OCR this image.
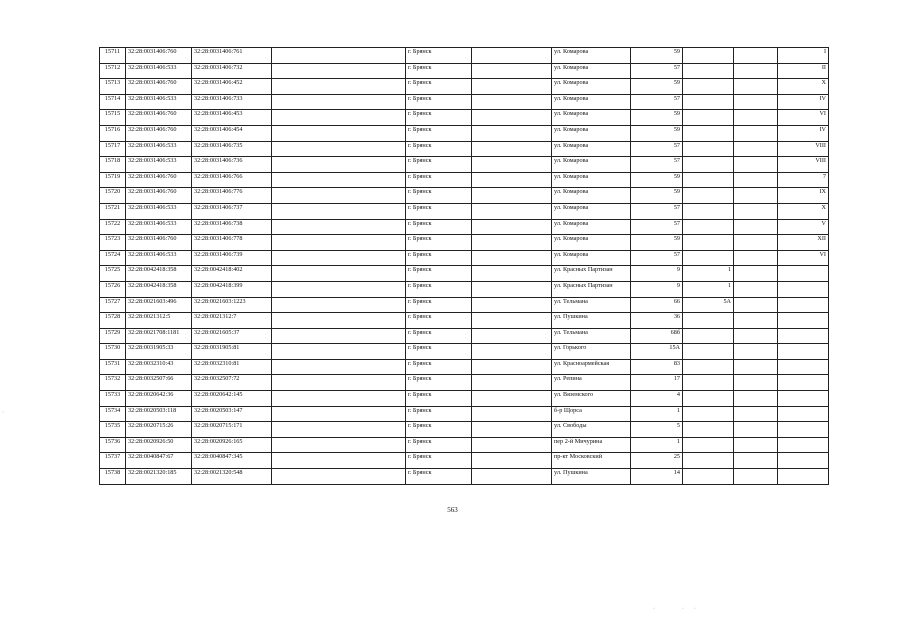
15711	32:28:0031406:760	32:28:0031406:761		г. Брянск		ул. Комарова	59			I
15712	32:28:0031406:533	32:28:0031406:732		г. Брянск		ул. Комарова	57			II
15713	32:28:0031406:760	32:28:0031406:452		г. Брянск		ул. Комарова	59			X
15714	32:28:0031406:533	32:28:0031406:733		г. Брянск		ул. Комарова	57			IV
15715	32:28:0031406:760	32:28:0031406:453		г. Брянск		ул. Комарова	59			VI
15716	32:28:0031406:760	32:28:0031406:454		г. Брянск		ул. Комарова	59			IV
15717	32:28:0031406:533	32:28:0031406:735		г. Брянск		ул. Комарова	57			VIII
15718	32:28:0031406:533	32:28:0031406:736		г. Брянск		ул. Комарова	57			VIII
15719	32:28:0031406:760	32:28:0031406:766		г. Брянск		ул. Комарова	59			7
15720	32:28:0031406:760	32:28:0031406:776		г. Брянск		ул. Комарова	59			IX
15721	32:28:0031406:533	32:28:0031406:737		г. Брянск		ул. Комарова	57			X
15722	32:28:0031406:533	32:28:0031406:738		г. Брянск		ул. Комарова	57			V
15723	32:28:0031406:760	32:28:0031406:778		г. Брянск		ул. Комарова	59			XII
15724	32:28:0031406:533	32:28:0031406:739		г. Брянск		ул. Комарова	57			VI
15725	32:28:0042418:358	32:28:0042418:402		г. Брянск		ул. Красных Партизан	9	1		
15726	32:28:0042418:358	32:28:0042418:399		г. Брянск		ул. Красных Партизан	9	1		
15727	32:28:0021603:496	32:28:0021603:1223		г. Брянск		ул. Тельмана	66	5А		
15728	32:28:0021312:5	32:28:0021312:7		г. Брянск		ул. Пушкина	36			
15729	32:28:0021708:1181	32:28:0021605:37		г. Брянск		ул. Тельмана	68б			
15730	32:28:0031905:33	32:28:0031905:81		г. Брянск		ул. Горького	15А			
15731	32:28:0032310:43	32:28:0032310:81		г. Брянск		ул. Красноармейская	83			
15732	32:28:0032507:66	32:28:0032507:72		г. Брянск		ул. Репина	17			
15733	32:28:0020642:36	32:28:0020642:145		г. Брянск		ул. Вяземского	4			
15734	32:28:0020503:118	32:28:0020503:147		г. Брянск		б-р Щорса	1			
15735	32:28:0020715:26	32:28:0020715:171		г. Брянск		ул. Свободы	5			
15736	32:28:0020926:50	32:28:0020926:165		г. Брянск		пер 2-й Мичурина	1			
15737	32:28:0040847:67	32:28:0040847:345		г. Брянск		пр-кт Московский	25			
15738	32:28:0021320:185	32:28:0021320:548		г. Брянск		ул. Пушкина	14			
563
·
·
·
·
